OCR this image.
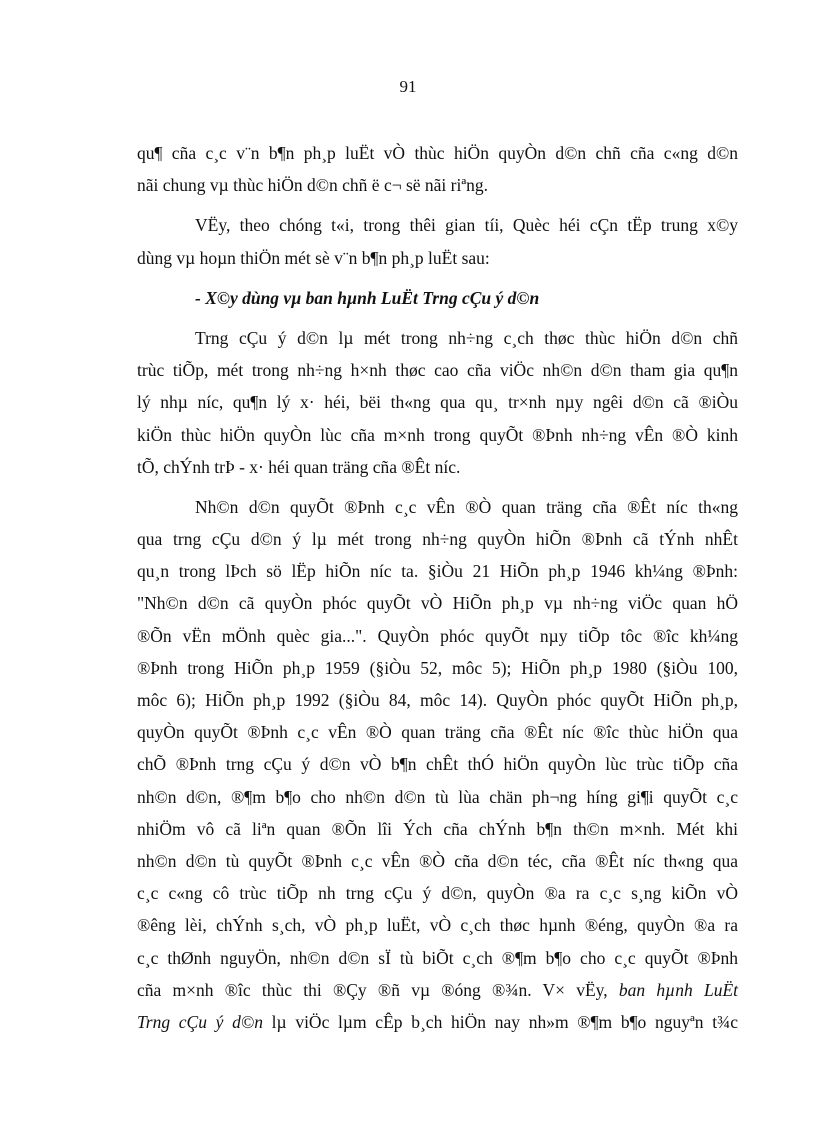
91
qu¶ cña c¸c v¨n b¶n ph¸p luËt vÒ thùc hiÖn quyÒn d©n chñ cña c«ng d©n
nãi chung vµ thùc hiÖn d©n chñ ë c¬ së nãi riªng.
VËy, theo chóng t«i, trong thêi gian tíi, Quèc héi cÇn tËp trung x©y
dùng vµ hoµn thiÖn mét sè v¨n b¶n ph¸p luËt sau:
- X©y dùng vµ ban hµnh LuËt Trng cÇu ý d©n
Trng cÇu ý d©n lµ mét trong nh÷ng c¸ch thøc thùc hiÖn d©n chñ
trùc tiÕp, mét trong nh÷ng h×nh thøc cao cña viÖc nh©n d©n tham gia qu¶n
lý nhµ níc, qu¶n lý x· héi, bëi th«ng qua qu¸ tr×nh nµy ngêi d©n cã ®iÒu
kiÖn thùc hiÖn quyÒn lùc cña m×nh trong quyÕt ®Þnh nh÷ng vÊn ®Ò kinh
tÕ, chÝnh trÞ - x· héi quan träng cña ®Êt níc.
Nh©n d©n quyÕt ®Þnh c¸c vÊn ®Ò quan träng cña ®Êt níc th«ng
qua trng cÇu d©n ý lµ mét trong nh÷ng quyÒn hiÕn ®Þnh cã tÝnh nhÊt
qu¸n trong lÞch sö lËp hiÕn níc ta. §iÒu 21 HiÕn ph¸p 1946 kh¼ng ®Þnh:
"Nh©n d©n cã quyÒn phóc quyÕt vÒ HiÕn ph¸p vµ nh÷ng viÖc quan hÖ
®Õn vËn mÖnh quèc gia...". QuyÒn phóc quyÕt nµy tiÕp tôc ®îc kh¼ng
®Þnh trong HiÕn ph¸p 1959 (§iÒu 52, môc 5); HiÕn ph¸p 1980 (§iÒu 100,
môc 6); HiÕn ph¸p 1992 (§iÒu 84, môc 14). QuyÒn phóc quyÕt HiÕn ph¸p,
quyÒn quyÕt ®Þnh c¸c vÊn ®Ò quan träng cña ®Êt níc ®îc thùc hiÖn qua
chÕ ®Þnh trng cÇu ý d©n vÒ b¶n chÊt thÓ hiÖn quyÒn lùc trùc tiÕp cña
nh©n d©n, ®¶m b¶o cho nh©n d©n tù lùa chän ph¬ng híng gi¶i quyÕt c¸c
nhiÖm vô cã liªn quan ®Õn lîi Ých cña chÝnh b¶n th©n m×nh. Mét khi
nh©n d©n tù quyÕt ®Þnh c¸c vÊn ®Ò cña d©n téc, cña ®Êt níc th«ng qua
c¸c c«ng cô trùc tiÕp nh trng cÇu ý d©n, quyÒn ®a ra c¸c s¸ng kiÕn vÒ
®êng lèi, chÝnh s¸ch, vÒ ph¸p luËt, vÒ c¸ch thøc hµnh ®éng, quyÒn ®a ra
c¸c thØnh nguyÖn, nh©n d©n sÏ tù biÕt c¸ch ®¶m b¶o cho c¸c quyÕt ®Þnh
cña m×nh ®îc thùc thi ®Çy ®ñ vµ ®óng ®¾n. V× vËy, ban hµnh LuËt
Trng cÇu ý d©n lµ viÖc lµm cÊp b¸ch hiÖn nay nh»m ®¶m b¶o nguyªn t¾c
